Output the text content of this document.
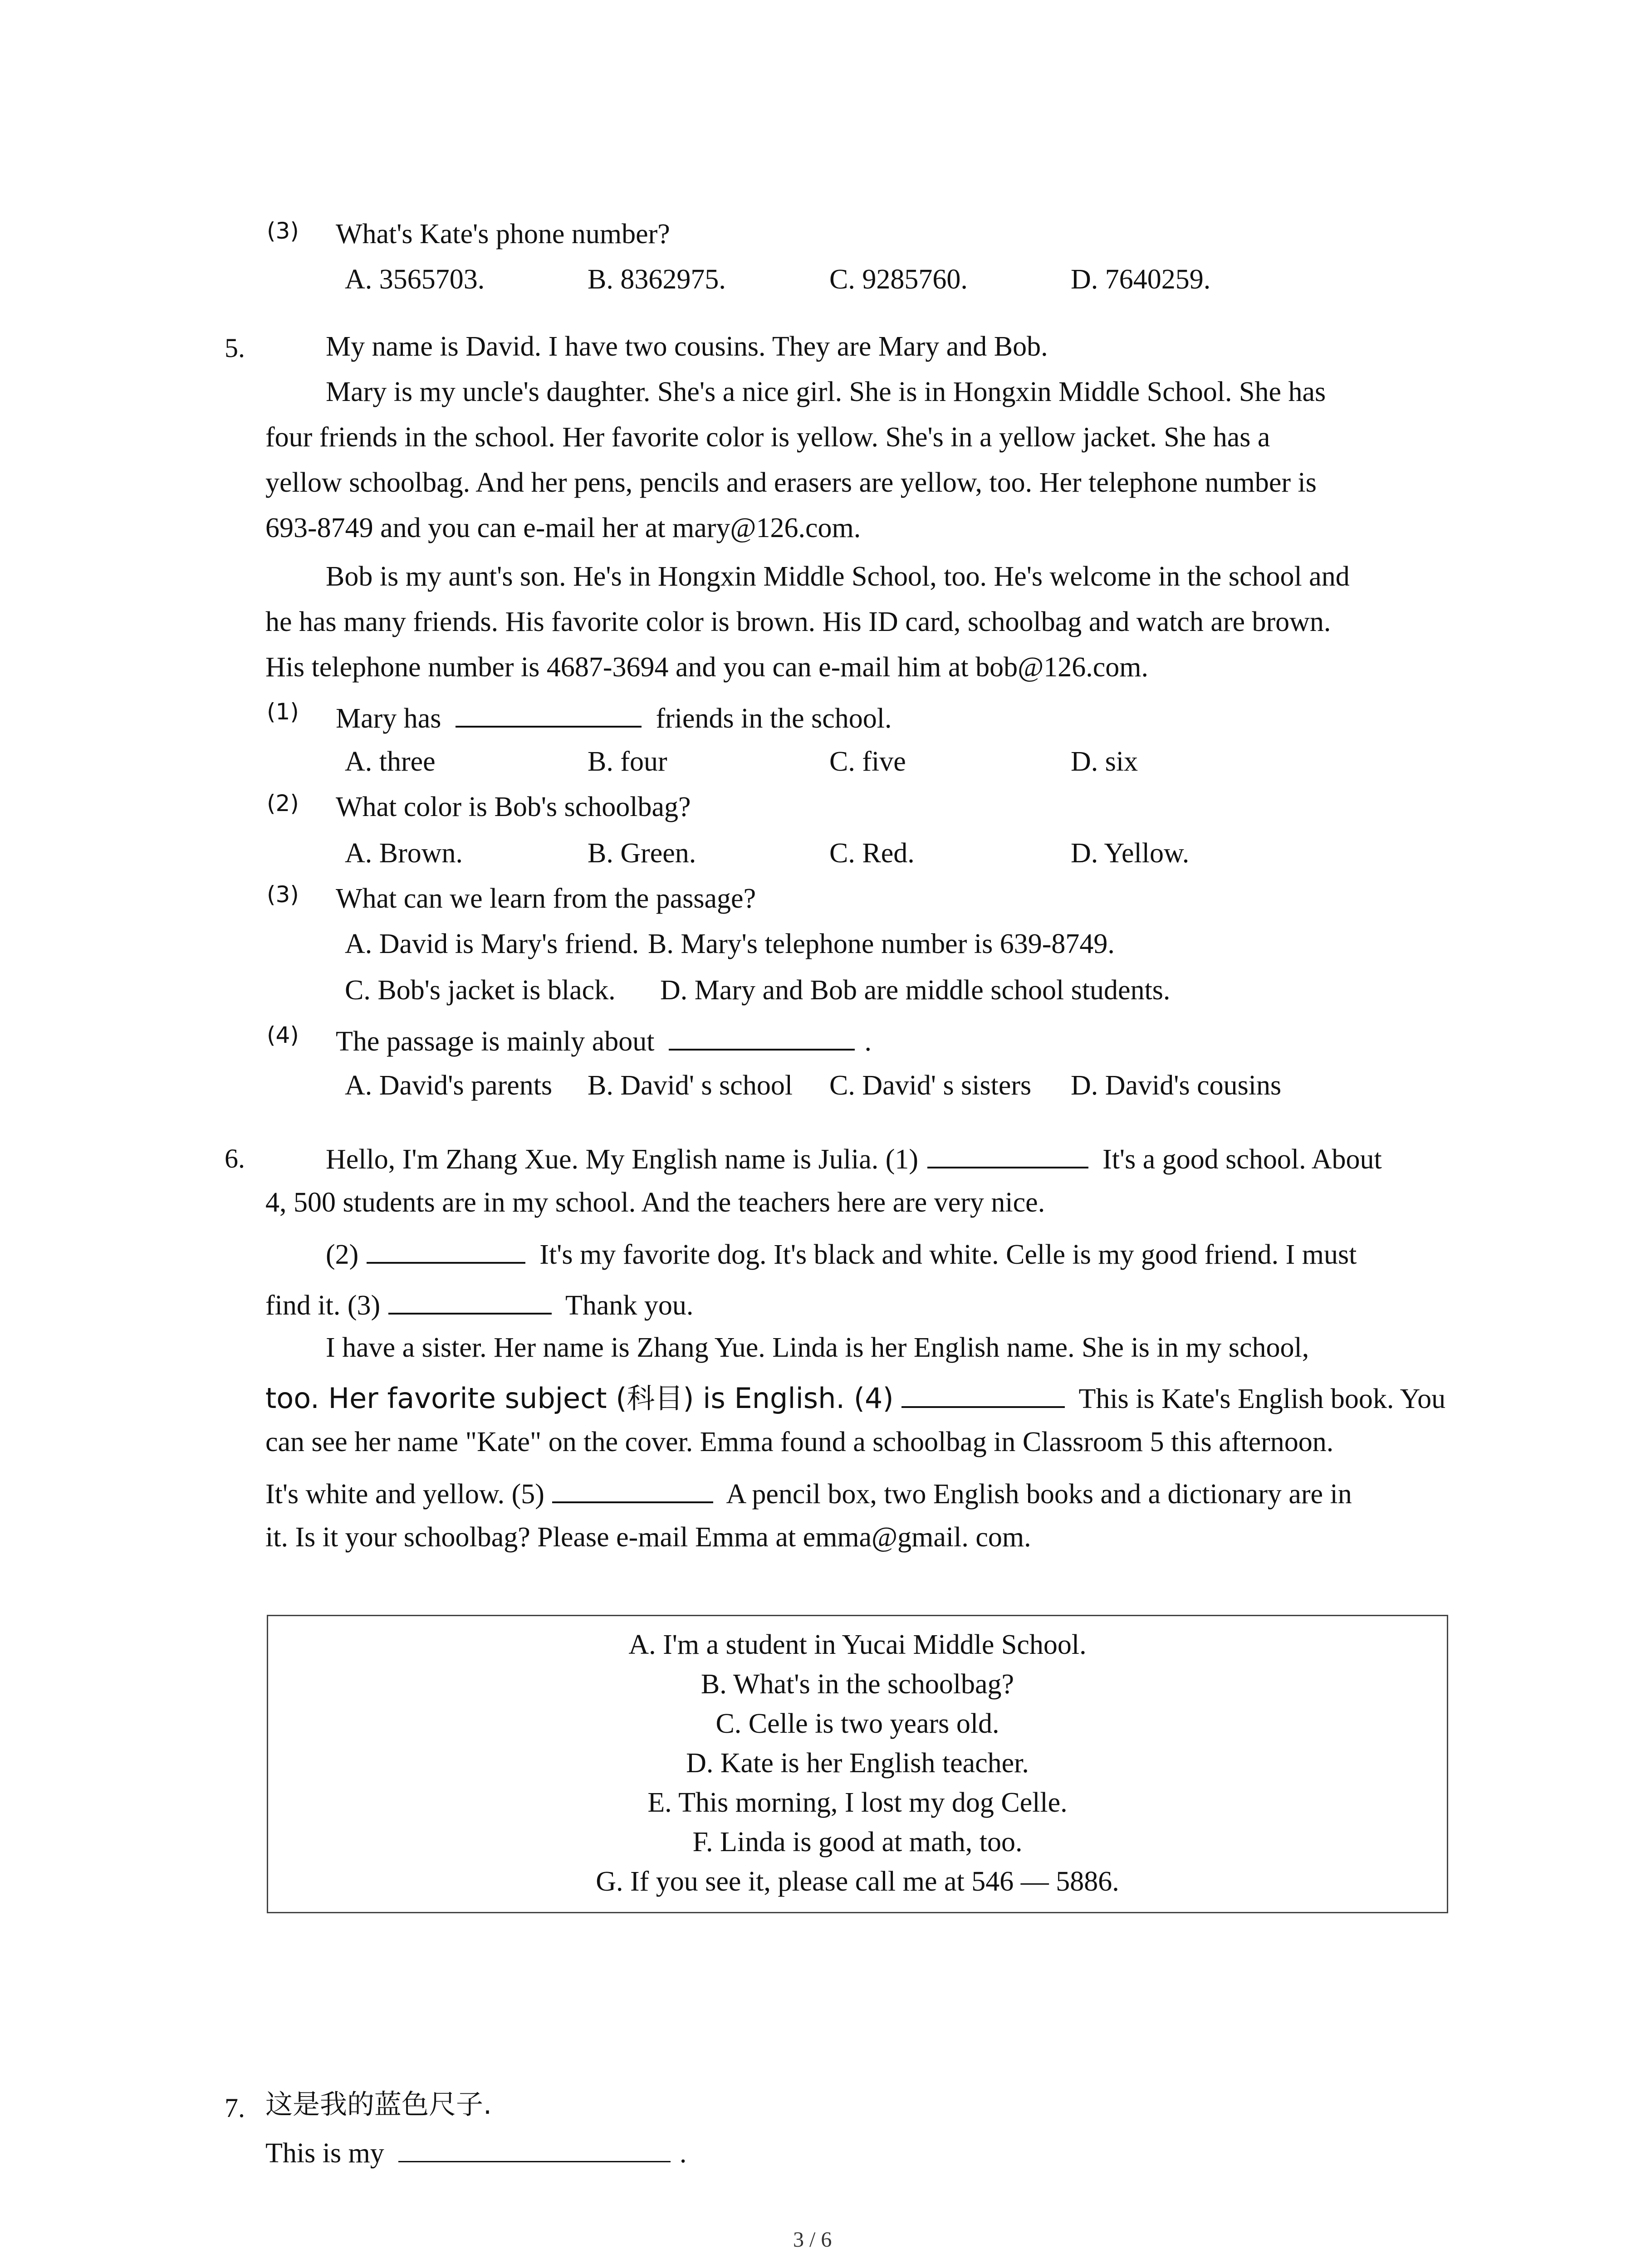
(3) What's Kate's phone number?
A. 3565703.	B. 8362975.	C. 9285760.	D. 7640259.
5.	My name is David. I have two cousins. They are Mary and Bob.
Mary is my uncle's daughter. She's a nice girl. She is in Hongxin Middle School. She has
four friends in the school. Her favorite color is yellow. She's in a yellow jacket. She has a
yellow schoolbag. And her pens, pencils and erasers are yellow, too. Her telephone number is
693-8749 and you can e-mail her at mary@126.com.
Bob is my aunt's son. He's in Hongxin Middle School, too. He's welcome in the school and
he has many friends. His favorite color is brown. His ID card, schoolbag and watch are brown.
His telephone number is 4687-3694 and you can e-mail him at bob@126.com.
(1) Mary has	friends in the school.
A. three	B. four	C. five	D. six
(2) What color is Bob's schoolbag?
A. Brown.	B. Green.	C. Red.	D. Yellow.
(3) What can we learn from the passage?
A. David is Mary's friend. B. Mary's telephone number is 639-8749.
C. Bob's jacket is black. D. Mary and Bob are middle school students.
(4) The passage is mainly about	.
A. David's parents B. David' s school C. David' s sisters D. David's cousins
6.	Hello, I'm Zhang Xue. My English name is Julia. (1)	It's a good school. About
4, 500 students are in my school. And the teachers here are very nice.
(2)	It's my favorite dog. It's black and white. Celle is my good friend. I must
find it. (3)	Thank you.
I have a sister. Her name is Zhang Yue. Linda is her English name. She is in my school,
too. Her favorite subject (科目) is English. (4)	This is Kate's English book. You
can see her name "Kate" on the cover. Emma found a schoolbag in Classroom 5 this afternoon.
It's white and yellow. (5)	A pencil box, two English books and a dictionary are in
it. Is it your schoolbag? Please e-mail Emma at emma@gmail. com.
A. I'm a student in Yucai Middle School.
B. What's in the schoolbag?
C. Celle is two years old.
D. Kate is her English teacher.
E. This morning, I lost my dog Celle.
F. Linda is good at math, too.
G. If you see it, please call me at 546 — 5886.
7. 这是我的蓝色尺子.
This is my	.
3 / 6
